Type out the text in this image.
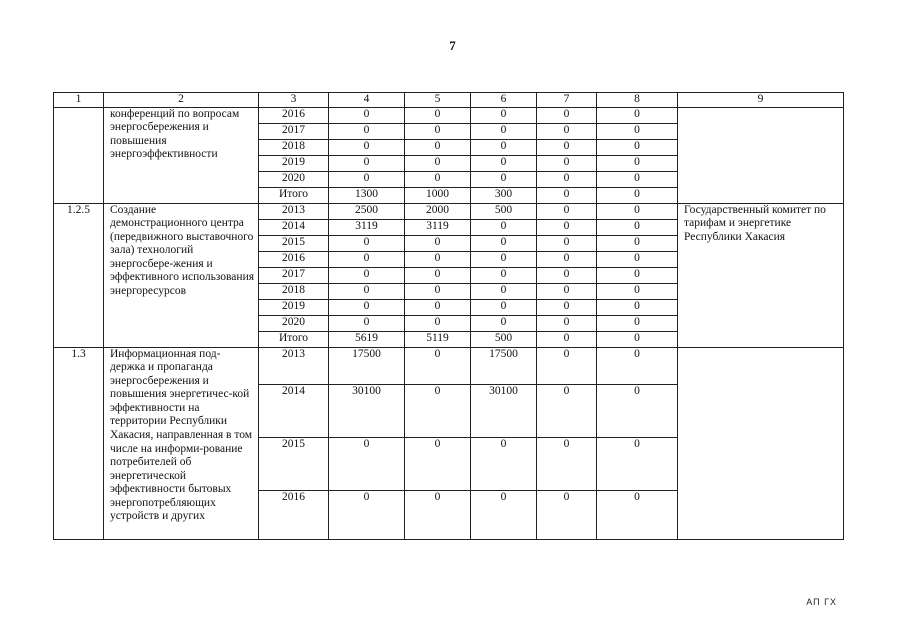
7
1	2	3	4	5	6	7	8	9
	конференций по вопросам энергосбережения и повышения энергоэффективности	2016	0	0	0	0	0	
		2017	0	0	0	0	0	
		2018	0	0	0	0	0	
		2019	0	0	0	0	0	
		2020	0	0	0	0	0	
		Итого	1300	1000	300	0	0	
1.2.5	Создание демонстрационного центра (передвижного выставочного зала) технологий энергосбере-жения и эффективного использования энергоресурсов	2013	2500	2000	500	0	0	Государственный комитет по тарифам и энергетике Республики Хакасия
		2014	3119	3119	0	0	0	
		2015	0	0	0	0	0	
		2016	0	0	0	0	0	
		2017	0	0	0	0	0	
		2018	0	0	0	0	0	
		2019	0	0	0	0	0	
		2020	0	0	0	0	0	
		Итого	5619	5119	500	0	0	
1.3	Информационная под-держка и пропаганда энергосбережения и повышения энергетичес-кой эффективности на территории Республики Хакасия, направленная в том числе на информи-рование потребителей об энергетической эффективности бытовых энергопотребляющих устройств и других	2013	17500	0	17500	0	0	
		2014	30100	0	30100	0	0	
		2015	0	0	0	0	0	
		2016	0	0	0	0	0	
АП ГХ
